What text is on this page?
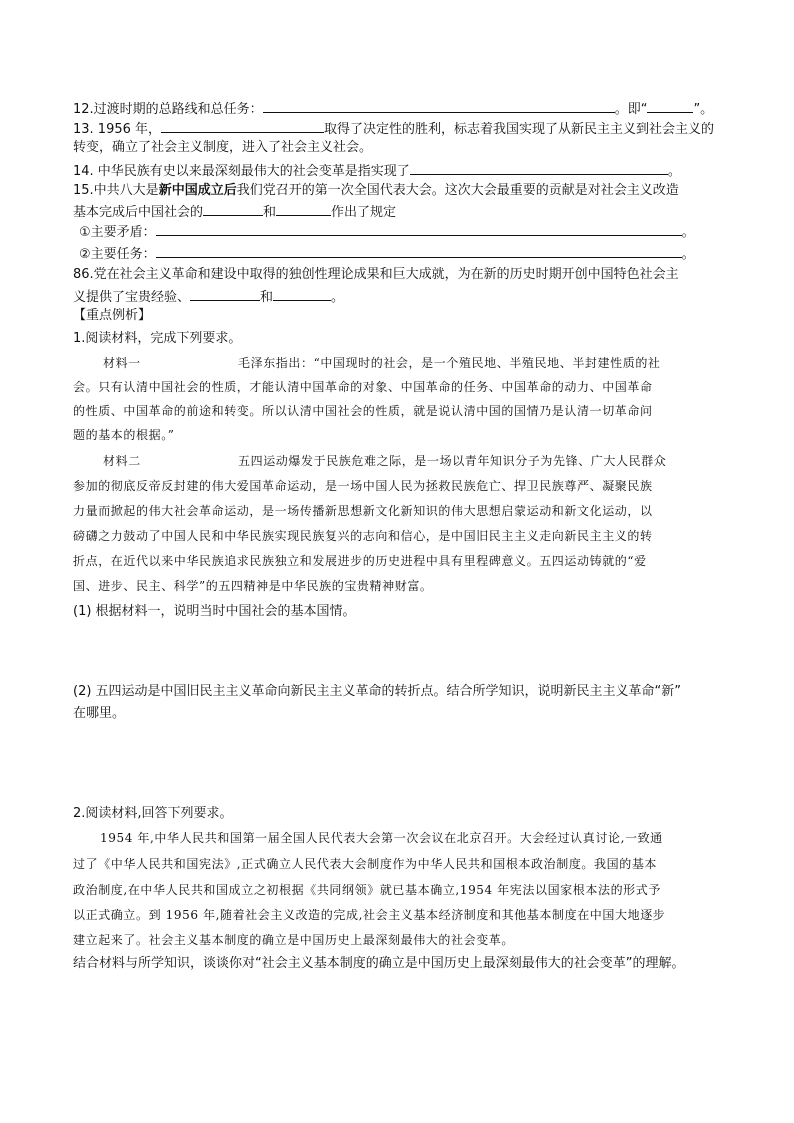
12.过渡时期的总路线和总任务：	。即“	”。
13. 1956 年，	取得了决定性的胜利，标志着我国实现了从新民主主义到社会主义的
转变，确立了社会主义制度，进入了社会主义社会。
14. 中华民族有史以来最深刻最伟大的社会变革是指实现了	。
15.中共八大是新中国成立后我们党召开的第一次全国代表大会。这次大会最重要的贡献是对社会主义改造
基本完成后中国社会的	和	作出了规定
①主要矛盾：	。
②主要任务：	。
86.党在社会主义革命和建设中取得的独创性理论成果和巨大成就，为在新的历史时期开创中国特色社会主
义提供了宝贵经验、	和	。
【重点例析】
1.阅读材料，完成下列要求。
材料一	毛泽东指出：“中国现时的社会，是一个殖民地、半殖民地、半封建性质的社
会。只有认清中国社会的性质，才能认清中国革命的对象、中国革命的任务、中国革命的动力、中国革命
的性质、中国革命的前途和转变。所以认清中国社会的性质，就是说认清中国的国情乃是认清一切革命问
题的基本的根据。”
材料二	五四运动爆发于民族危难之际，是一场以青年知识分子为先锋、广大人民群众
参加的彻底反帝反封建的伟大爱国革命运动，是一场中国人民为拯救民族危亡、捍卫民族尊严、凝聚民族
力量而掀起的伟大社会革命运动，是一场传播新思想新文化新知识的伟大思想启蒙运动和新文化运动，以
磅礴之力鼓动了中国人民和中华民族实现民族复兴的志向和信心，是中国旧民主主义走向新民主主义的转
折点，在近代以来中华民族追求民族独立和发展进步的历史进程中具有里程碑意义。五四运动铸就的“爱
国、进步、民主、科学”的五四精神是中华民族的宝贵精神财富。
(1) 根据材料一，说明当时中国社会的基本国情。
(2) 五四运动是中国旧民主主义革命向新民主主义革命的转折点。结合所学知识，说明新民主主义革命“新”
在哪里。
2.阅读材料,回答下列要求。
1954 年,中华人民共和国第一届全国人民代表大会第一次会议在北京召开。大会经过认真讨论,一致通
过了《中华人民共和国宪法》,正式确立人民代表大会制度作为中华人民共和国根本政治制度。我国的基本
政治制度,在中华人民共和国成立之初根据《共同纲领》就已基本确立,1954 年宪法以国家根本法的形式予
以正式确立。到 1956 年,随着社会主义改造的完成,社会主义基本经济制度和其他基本制度在中国大地逐步
建立起来了。社会主义基本制度的确立是中国历史上最深刻最伟大的社会变革。
结合材料与所学知识，谈谈你对“社会主义基本制度的确立是中国历史上最深刻最伟大的社会变革”的理解。
